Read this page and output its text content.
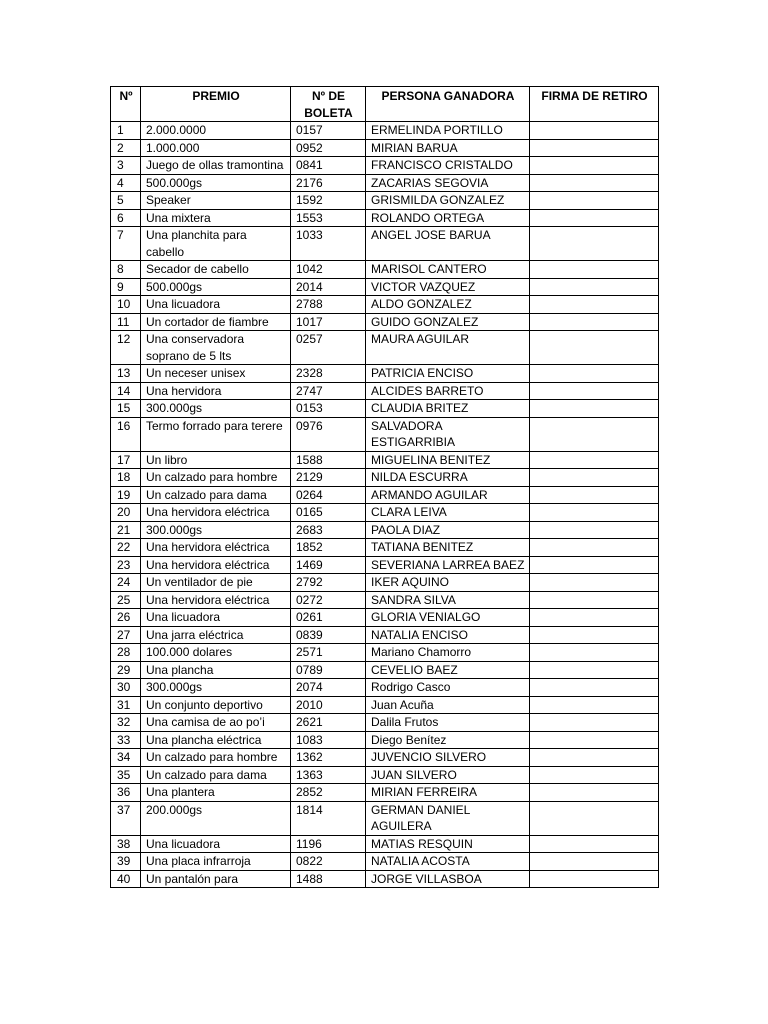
Nº	PREMIO	Nº DE BOLETA	PERSONA GANADORA	FIRMA DE RETIRO
1	2.000.0000	0157	ERMELINDA PORTILLO	
2	1.000.000	0952	MIRIAN BARUA	
3	Juego de ollas tramontina	0841	FRANCISCO CRISTALDO	
4	500.000gs	2176	ZACARIAS SEGOVIA	
5	Speaker	1592	GRISMILDA GONZALEZ	
6	Una mixtera	1553	ROLANDO ORTEGA	
7	Una planchita para cabello	1033	ANGEL JOSE BARUA	
8	Secador de cabello	1042	MARISOL CANTERO	
9	500.000gs	2014	VICTOR VAZQUEZ	
10	Una licuadora	2788	ALDO GONZALEZ	
11	Un cortador de fiambre	1017	GUIDO GONZALEZ	
12	Una conservadora soprano de 5 lts	0257	MAURA AGUILAR	
13	Un neceser unisex	2328	PATRICIA ENCISO	
14	Una hervidora	2747	ALCIDES BARRETO	
15	300.000gs	0153	CLAUDIA BRITEZ	
16	Termo forrado para terere	0976	SALVADORA ESTIGARRIBIA	
17	Un libro	1588	MIGUELINA BENITEZ	
18	Un calzado para hombre	2129	NILDA ESCURRA	
19	Un calzado para dama	0264	ARMANDO AGUILAR	
20	Una hervidora eléctrica	0165	CLARA LEIVA	
21	300.000gs	2683	PAOLA DIAZ	
22	Una hervidora eléctrica	1852	TATIANA BENITEZ	
23	Una hervidora eléctrica	1469	SEVERIANA LARREA BAEZ	
24	Un ventilador de pie	2792	IKER AQUINO	
25	Una hervidora eléctrica	0272	SANDRA SILVA	
26	Una licuadora	0261	GLORIA VENIALGO	
27	Una jarra eléctrica	0839	NATALIA ENCISO	
28	100.000 dolares	2571	Mariano Chamorro	
29	Una plancha	0789	CEVELIO BAEZ	
30	300.000gs	2074	Rodrigo Casco	
31	Un conjunto deportivo	2010	Juan Acuña	
32	Una camisa de ao po’i	2621	Dalila Frutos	
33	Una plancha eléctrica	1083	Diego Benítez	
34	Un calzado para hombre	1362	JUVENCIO SILVERO	
35	Un calzado para dama	1363	JUAN SILVERO	
36	Una plantera	2852	MIRIAN FERREIRA	
37	200.000gs	1814	GERMAN DANIEL AGUILERA	
38	Una licuadora	1196	MATIAS RESQUIN	
39	Una placa infrarroja	0822	NATALIA ACOSTA	
40	Un pantalón para	1488	JORGE VILLASBOA	
